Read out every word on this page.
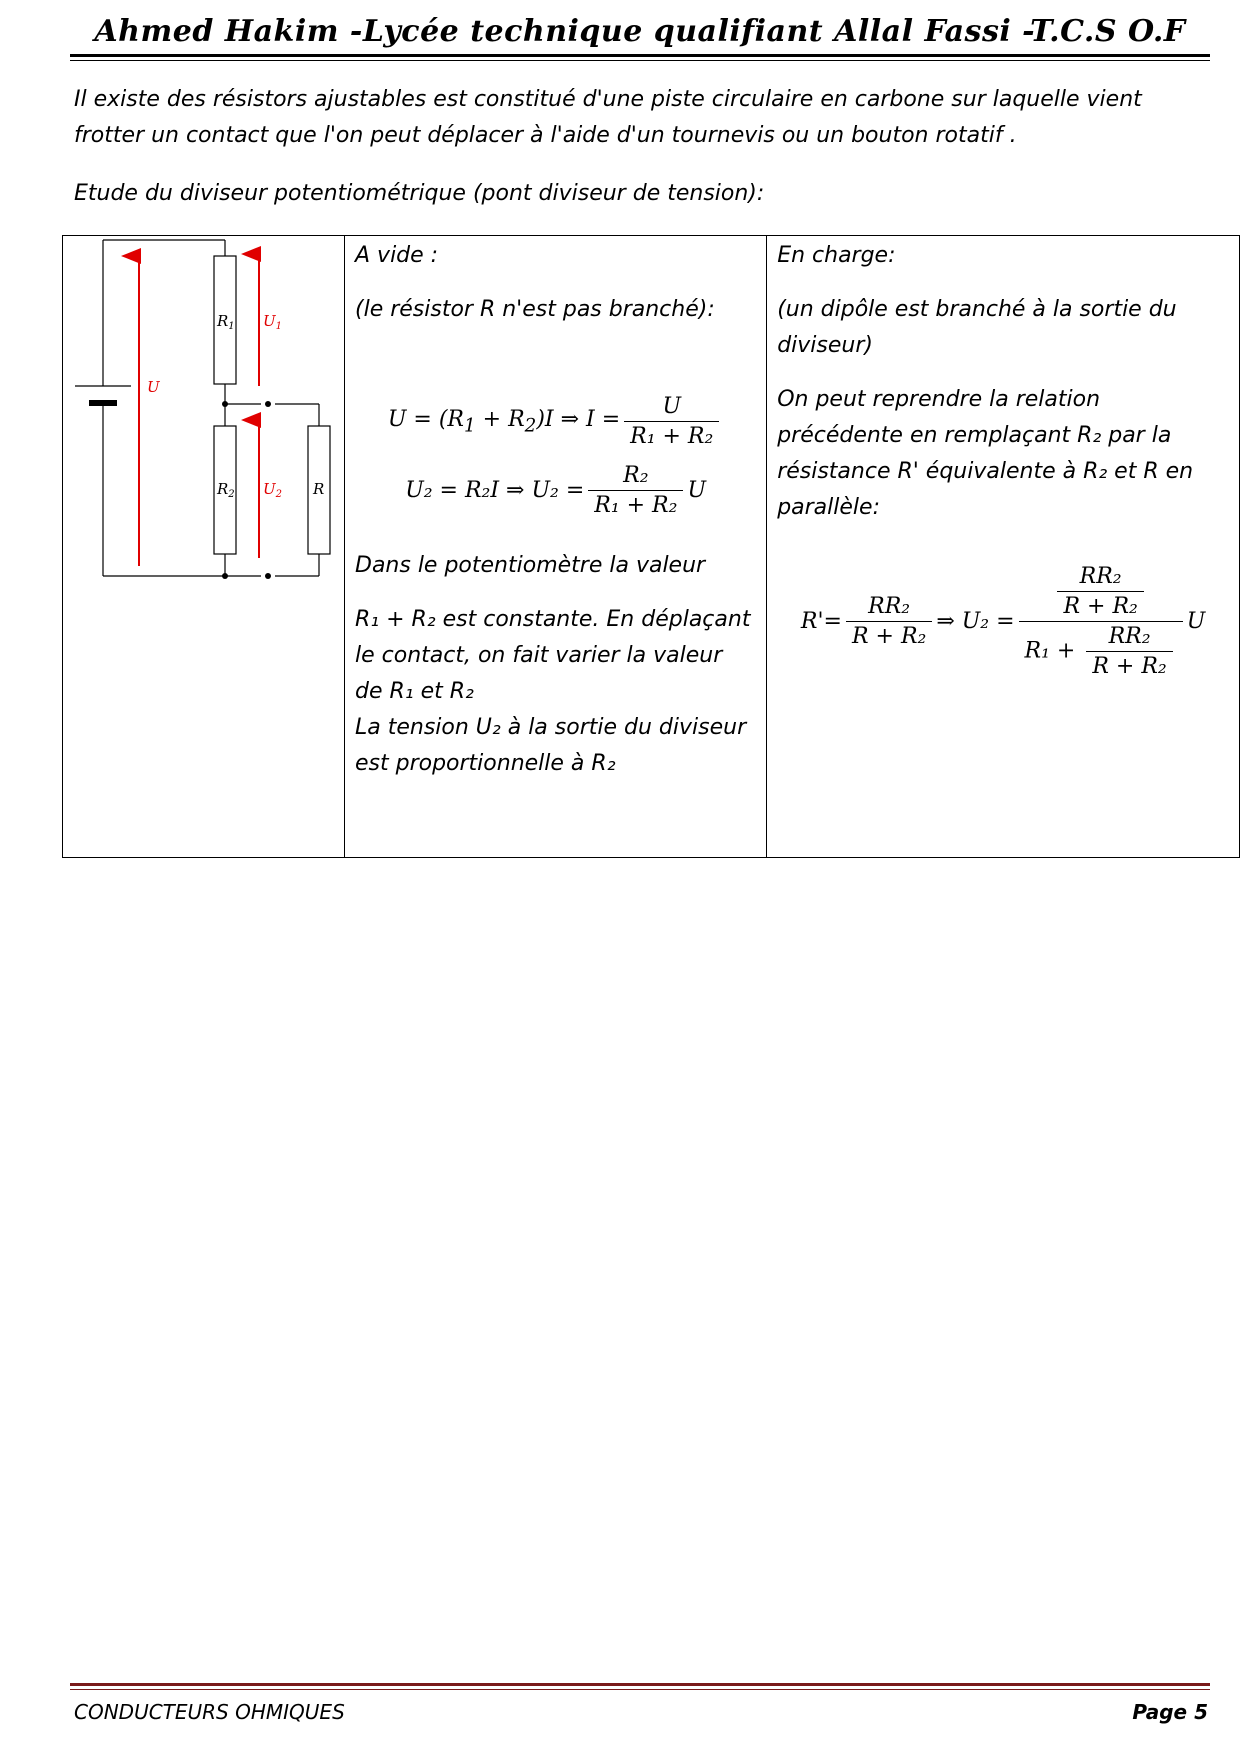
Ahmed Hakim -Lycée technique qualifiant Allal Fassi -T.C.S O.F
Il existe des résistors ajustables est constitué d'une piste circulaire en carbone sur laquelle vient frotter un contact que l'on peut déplacer à l'aide d'un tournevis ou un bouton rotatif .
Etude du diviseur potentiométrique (pont diviseur de tension):
$R_1$ $U_1$
U
$R_2$ $U_2$ R

A vide :

(le résistor R n'est pas branché):

$U = (R_1 + R_2)I$ ⇒ $I = \frac{U}{\text{R₁ + R₂}}$
U₂ = R₂I ⇒ $U_2 = \frac{\text{R₂}}{\text{R₁ + R₂}}$ U

Dans le potentiomètre la valeur

R₁ + R₂ est constante. En déplaçant le contact, on fait varier la valeur de R₁ et R₂

La tension U₂ à la sortie du diviseur est proportionnelle à R₂

En charge:

(un dipôle est branché à la sortie du diviseur)

On peut reprendre la relation précédente en remplaçant R₂ par la résistance R' équivalente à R₂ et R en parallèle:

$R'= \frac{\text{RR₂}}{\text{R + R₂}}$ ⇒ $U_2 = \frac{\frac{\text{RR₂}}{\text{R + R₂}}}{R_1 + \frac{\text{RR₂}}{\text{R + R₂}}}$ U
CONDUCTEURS OHMIQUES	Page 5
